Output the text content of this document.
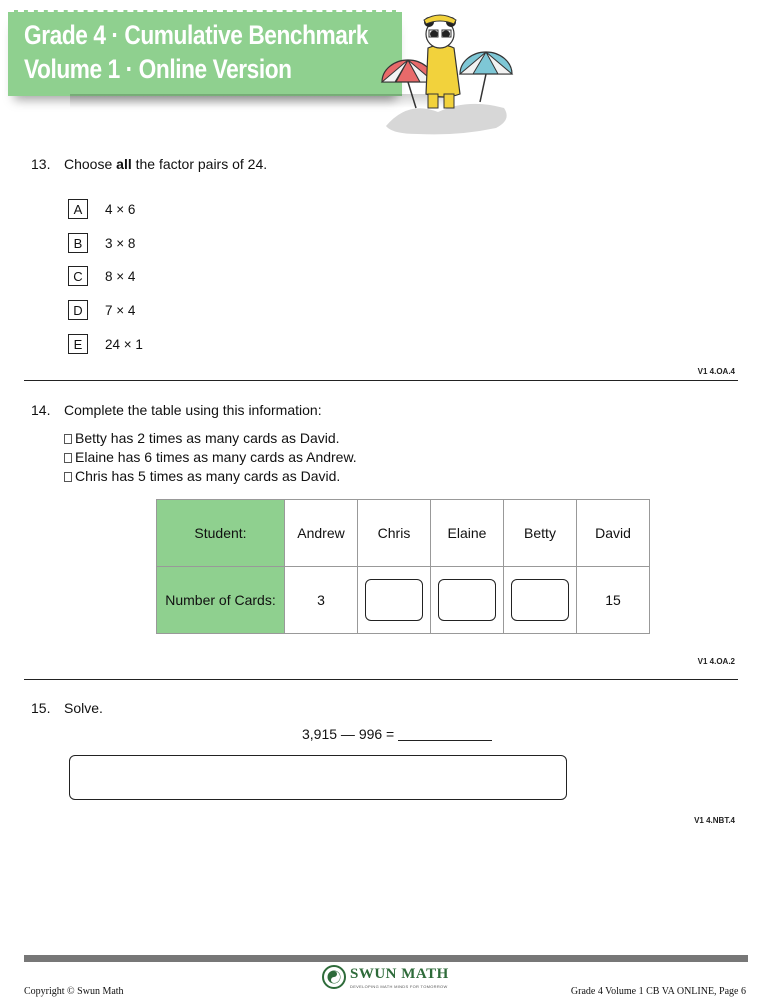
Grade 4 · Cumulative Benchmark
Volume 1 · Online Version
13. Choose all the factor pairs of 24.
A	4 × 6
B	3 × 8
C	8 × 4
D	7 × 4
E	24 × 1
V1 4.OA.4
14. Complete the table using this information:
Betty has 2 times as many cards as David.
Elaine has 6 times as many cards as Andrew.
Chris has 5 times as many cards as David.
Student:	Andrew	Chris	Elaine	Betty	David
Number of Cards:	3				15
V1 4.OA.2
15. Solve.
3,915 — 996 =
V1 4.NBT.4
SWUN MATH
DEVELOPING MATH MINDS FOR TOMORROW
Copyright © Swun Math	Grade 4 Volume 1 CB VA ONLINE, Page 6
